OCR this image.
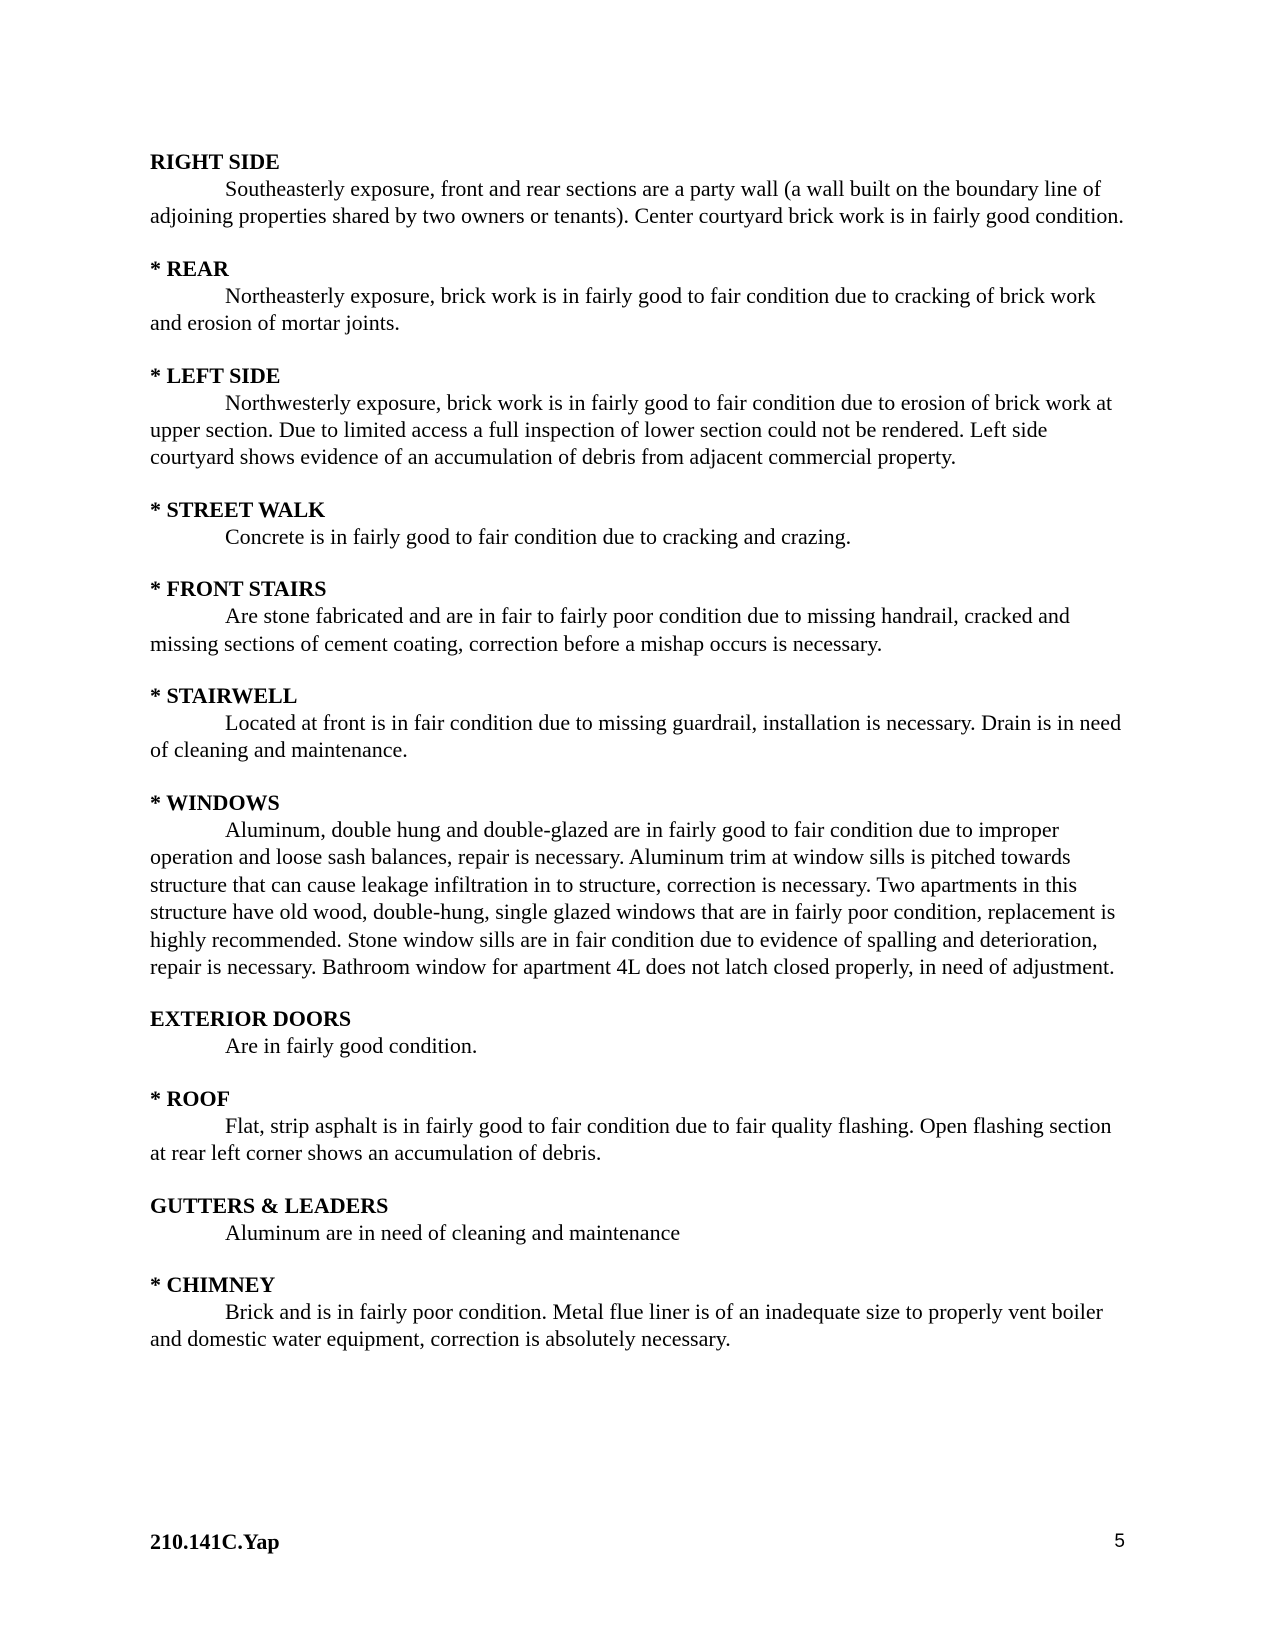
RIGHT SIDE
Southeasterly exposure, front and rear sections are a party wall (a wall built on the boundary line of adjoining properties shared by two owners or tenants). Center courtyard brick work is in fairly good condition.
* REAR
Northeasterly exposure, brick work is in fairly good to fair condition due to cracking of brick work and erosion of mortar joints.
* LEFT SIDE
Northwesterly exposure, brick work is in fairly good to fair condition due to erosion of brick work at upper section. Due to limited access a full inspection of lower section could not be rendered. Left side courtyard shows evidence of an accumulation of debris from adjacent commercial property.
* STREET WALK
Concrete is in fairly good to fair condition due to cracking and crazing.
* FRONT STAIRS
Are stone fabricated and are in fair to fairly poor condition due to missing handrail, cracked and missing sections of cement coating, correction before a mishap occurs is necessary.
* STAIRWELL
Located at front is in fair condition due to missing guardrail, installation is necessary. Drain is in need of cleaning and maintenance.
* WINDOWS
Aluminum, double hung and double-glazed are in fairly good to fair condition due to improper operation and loose sash balances, repair is necessary. Aluminum trim at window sills is pitched towards structure that can cause leakage infiltration in to structure, correction is necessary. Two apartments in this structure have old wood, double-hung, single glazed windows that are in fairly poor condition, replacement is highly recommended. Stone window sills are in fair condition due to evidence of spalling and deterioration, repair is necessary. Bathroom window for apartment 4L does not latch closed properly, in need of adjustment.
EXTERIOR DOORS
Are in fairly good condition.
* ROOF
Flat, strip asphalt is in fairly good to fair condition due to fair quality flashing. Open flashing section at rear left corner shows an accumulation of debris.
GUTTERS & LEADERS
Aluminum are in need of cleaning and maintenance
* CHIMNEY
Brick and is in fairly poor condition. Metal flue liner is of an inadequate size to properly vent boiler and domestic water equipment, correction is absolutely necessary.
210.141C.Yap	5
